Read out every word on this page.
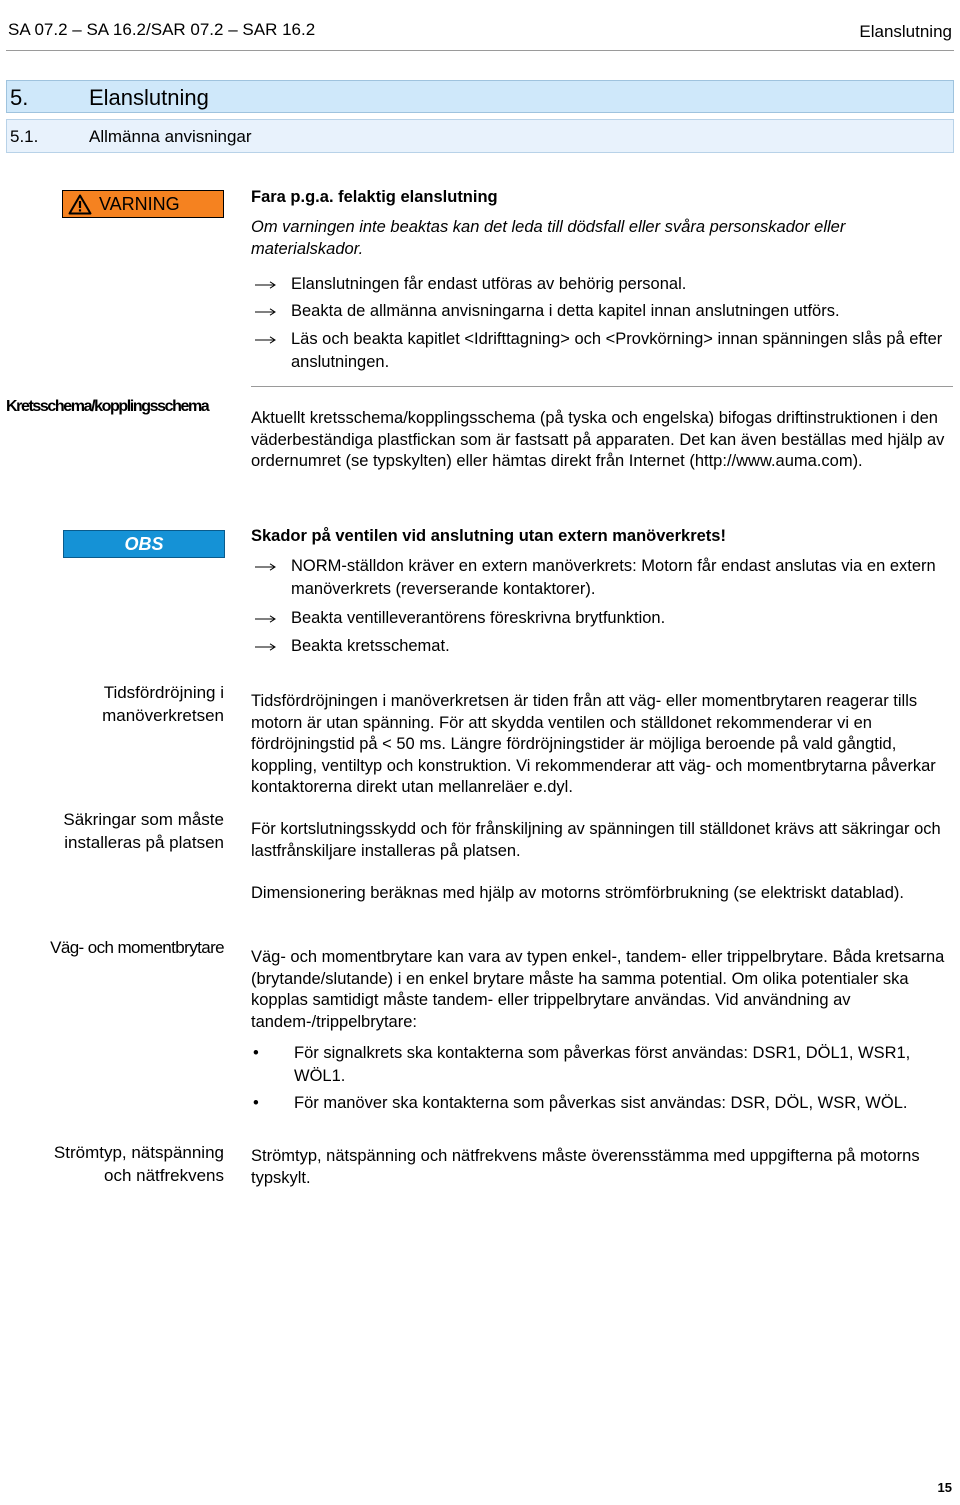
SA 07.2 – SA 16.2/SAR 07.2 – SAR 16.2	Elanslutning
5.	Elanslutning
5.1.	Allmänna anvisningar
VARNING	Fara p.g.a. felaktig elanslutning
Om varningen inte beaktas kan det leda till dödsfall eller svåra personskador eller materialskador.
Elanslutningen får endast utföras av behörig personal.
Beakta de allmänna anvisningarna i detta kapitel innan anslutningen utförs.
Läs och beakta kapitlet <Idrifttagning> och <Provkörning> innan spänningen slås på efter anslutningen.
Kretsschema/kopplingsschema
Aktuellt kretsschema/kopplingsschema (på tyska och engelska) bifogas driftinstruktionen i den väderbeständiga plastfickan som är fastsatt på apparaten. Det kan även beställas med hjälp av ordernumret (se typskylten) eller hämtas direkt från Internet (http://www.auma.com).
OBS	Skador på ventilen vid anslutning utan extern manöverkrets!
NORM-ställdon kräver en extern manöverkrets: Motorn får endast anslutas via en extern manöverkrets (reverserande kontaktorer).
Beakta ventilleverantörens föreskrivna brytfunktion.
Beakta kretsschemat.
Tidsfördröjning i
manöverkretsen
Tidsfördröjningen i manöverkretsen är tiden från att väg- eller momentbrytaren reagerar tills motorn är utan spänning. För att skydda ventilen och ställdonet rekommenderar vi en fördröjningstid på < 50 ms. Längre fördröjningstider är möjliga beroende på vald gångtid, koppling, ventiltyp och konstruktion. Vi rekommenderar att väg- och momentbrytarna påverkar kontaktorerna direkt utan mellanreläer e.dyl.
Säkringar som måste
installeras på platsen
För kortslutningsskydd och för frånskiljning av spänningen till ställdonet krävs att säkringar och lastfrånskiljare installeras på platsen.
Dimensionering beräknas med hjälp av motorns strömförbrukning (se elektriskt datablad).
Väg- och momentbrytare Väg- och momentbrytare kan vara av typen enkel-, tandem- eller trippelbrytare. Båda kretsarna (brytande/slutande) i en enkel brytare måste ha samma potential. Om olika potentialer ska kopplas samtidigt måste tandem- eller trippelbrytare användas. Vid användning av tandem-/trippelbrytare:
•	För signalkrets ska kontakterna som påverkas först användas: DSR1, DÖL1, WSR1, WÖL1.
•	För manöver ska kontakterna som påverkas sist användas: DSR, DÖL, WSR, WÖL.
Strömtyp, nätspänning
och nätfrekvens
Strömtyp, nätspänning och nätfrekvens måste överensstämma med uppgifterna på motorns typskylt.
15
